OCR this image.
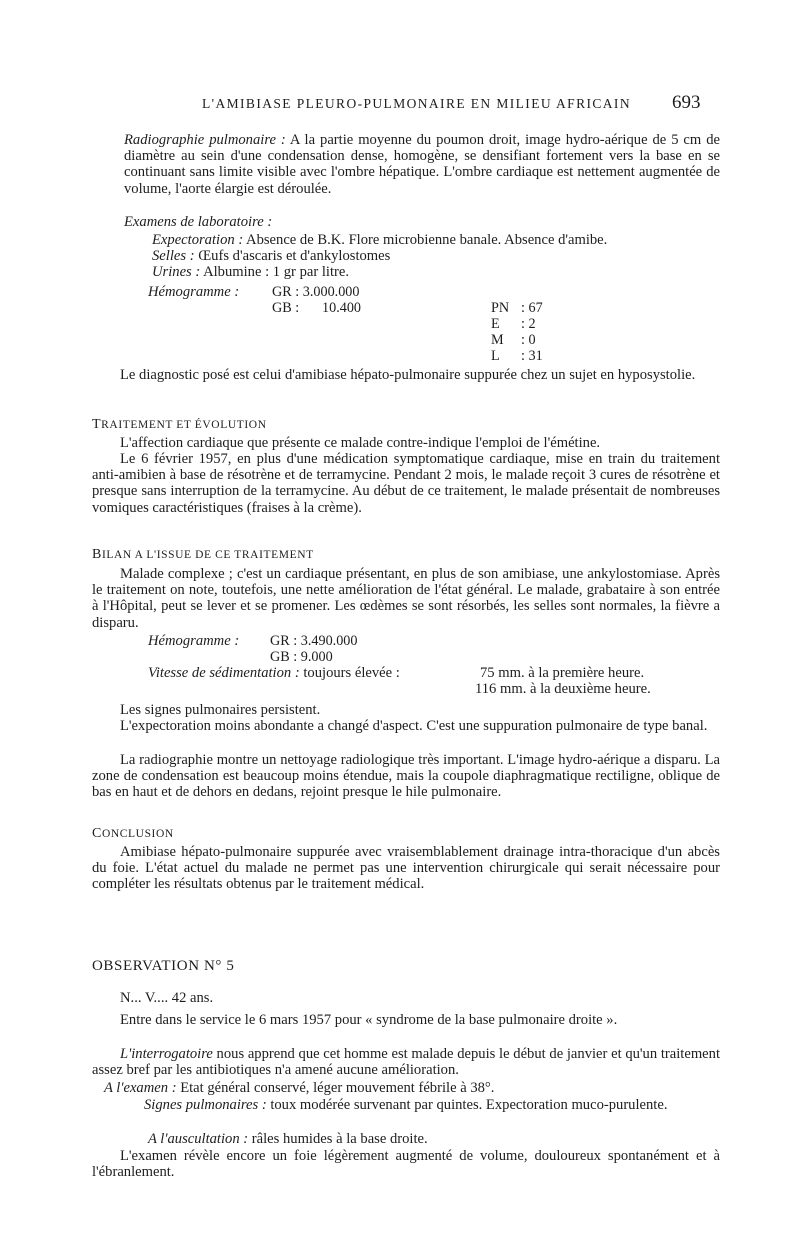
L'AMIBIASE PLEURO-PULMONAIRE EN MILIEU AFRICAIN 693

Radiographie pulmonaire : A la partie moyenne du poumon droit, image hydro-aérique de 5 cm de diamètre au sein d'une condensation dense, homogène, se densifiant fortement vers la base en se continuant sans limite visible avec l'ombre hépatique. L'ombre cardiaque est nettement augmentée de volume, l'aorte élargie est déroulée.

Examens de laboratoire :
Expectoration : Absence de B.K. Flore microbienne banale. Absence d'amibe.
Selles : Œufs d'ascaris et d'ankylostomes
Urines : Albumine : 1 gr par litre.
Hémogramme : GR : 3.000.000
GB : 10.400	PN : 67
E : 2
M : 0
L : 31

Le diagnostic posé est celui d'amibiase hépato-pulmonaire suppurée chez un sujet en hyposystolie.

TRAITEMENT ET ÉVOLUTION

L'affection cardiaque que présente ce malade contre-indique l'emploi de l'émétine.

Le 6 février 1957, en plus d'une médication symptomatique cardiaque, mise en train du traitement anti-amibien à base de résotrène et de terramycine. Pendant 2 mois, le malade reçoit 3 cures de résotrène et presque sans interruption de la terramycine. Au début de ce traitement, le malade présentait de nombreuses vomiques caractéristiques (fraises à la crème).

BILAN A L'ISSUE DE CE TRAITEMENT

Malade complexe ; c'est un cardiaque présentant, en plus de son amibiase, une ankylostomiase. Après le traitement on note, toutefois, une nette amélioration de l'état général. Le malade, grabataire à son entrée à l'Hôpital, peut se lever et se promener. Les œdèmes se sont résorbés, les selles sont normales, la fièvre a disparu.

Hémogramme : GR : 3.490.000
GB : 9.000
Vitesse de sédimentation : toujours élevée :	75 mm. à la première heure.
116 mm. à la deuxième heure.

Les signes pulmonaires persistent.

L'expectoration moins abondante a changé d'aspect. C'est une suppuration pulmonaire de type banal.

La radiographie montre un nettoyage radiologique très important. L'image hydro-aérique a disparu. La zone de condensation est beaucoup moins étendue, mais la coupole diaphragmatique rectiligne, oblique de bas en haut et de dehors en dedans, rejoint presque le hile pulmonaire.

CONCLUSION

Amibiase hépato-pulmonaire suppurée avec vraisemblablement drainage intra-thoracique d'un abcès du foie. L'état actuel du malade ne permet pas une intervention chirurgicale qui serait nécessaire pour compléter les résultats obtenus par le traitement médical.

OBSERVATION N° 5
N... V.... 42 ans.

Entre dans le service le 6 mars 1957 pour « syndrome de la base pulmonaire droite ».

L'interrogatoire nous apprend que cet homme est malade depuis le début de janvier et qu'un traitement assez bref par les antibiotiques n'a amené aucune amélioration.

A l'examen : Etat général conservé, léger mouvement fébrile à 38°.

Signes pulmonaires : toux modérée survenant par quintes. Expectoration muco-purulente.

A l'auscultation : râles humides à la base droite.

L'examen révèle encore un foie légèrement augmenté de volume, douloureux spontanément et à l'ébranlement.
